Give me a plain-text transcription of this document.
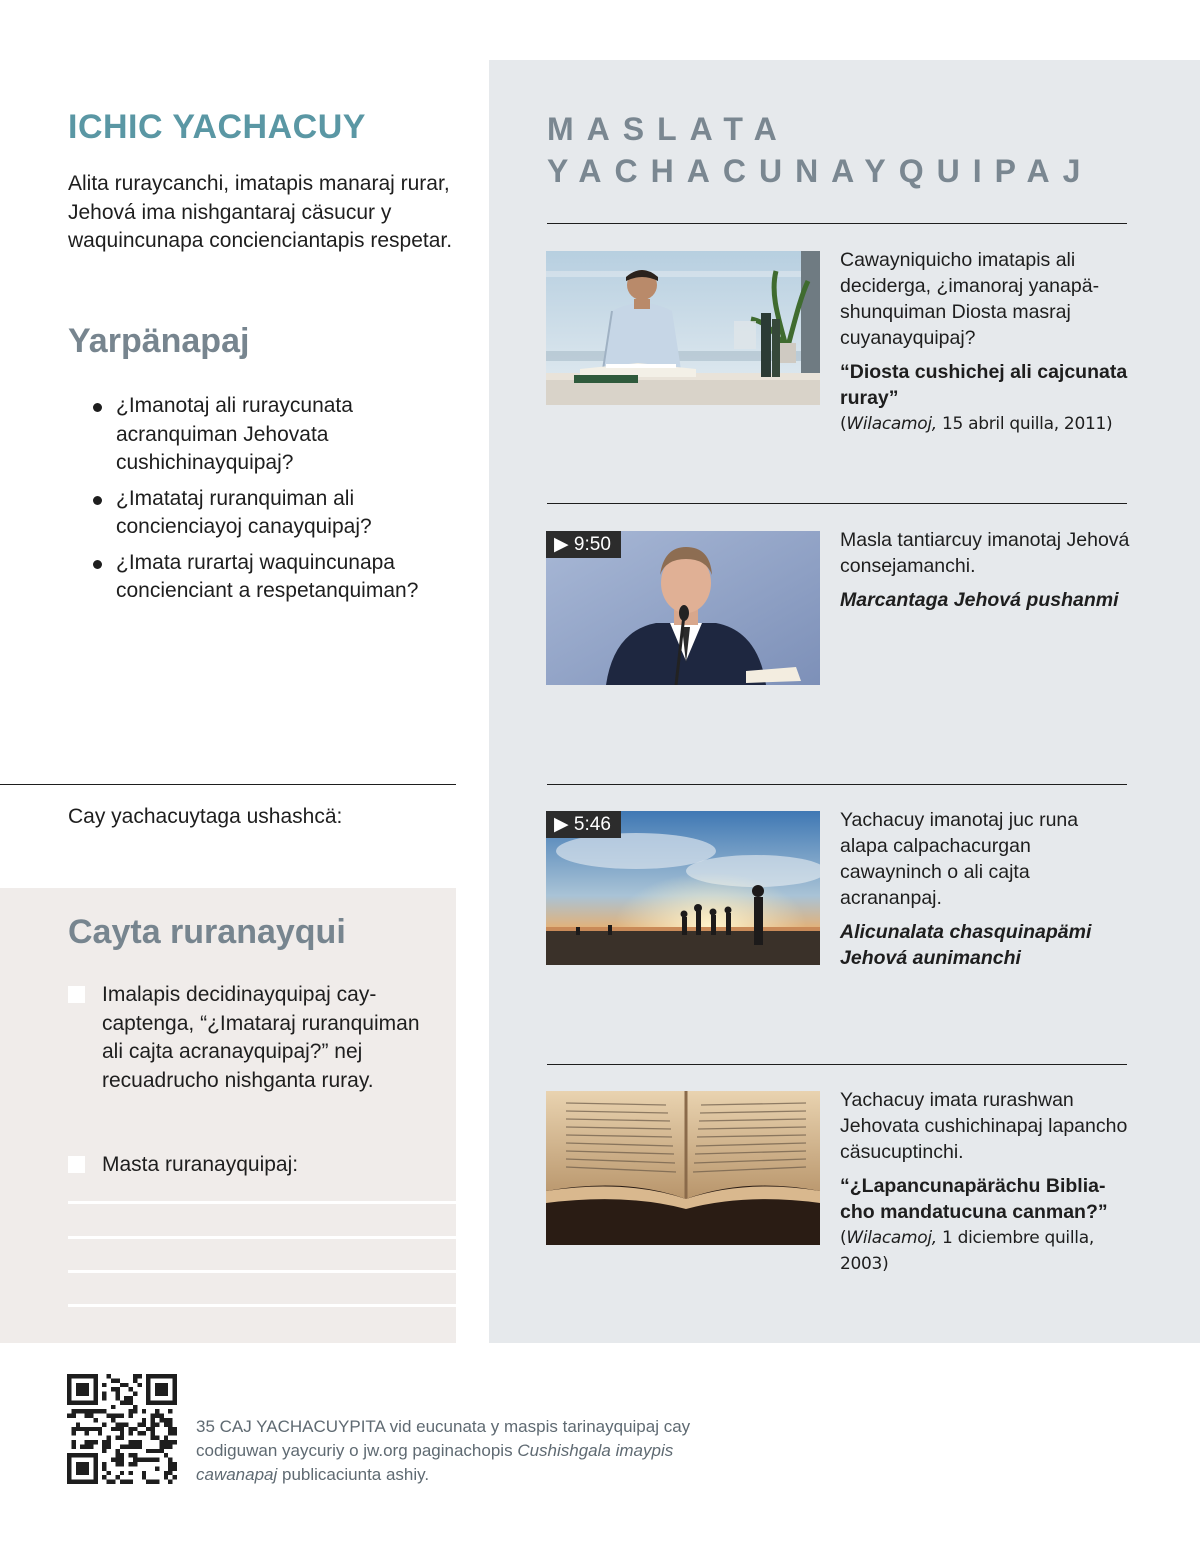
MASLATA
YACHACUNAYQUIPAJ

Cawayniquicho imatapis ali deciderga, ¿imanoraj yanapäshunquiman Diosta masraj cuyanayquipaj?

“Diosta cushichej ali cajcunata ruray”

(Wilacamoj, 15 abril quilla, 2011)

▶ 9:50	Masla tantiarcuy imanotaj Jehová consejamanchi.

Marcantaga Jehová pushanmi

▶ 5:46	Yachacuy imanotaj juc runa alapa calpachacurgan cawayninch o ali cajta acrananpaj.

Alicunalata chasquinapämi Jehová aunimanchi

Yachacuy imata rurashwan Jehovata cushichinapaj lapancho cäsucuptinchi.

“¿Lapancunapärächu Bibliacho mandatucuna canman?”

(Wilacamoj, 1 diciembre quilla, 2003)

ICHIC YACHACUY

Alita ruraycanchi, imatapis manaraj rurar, Jehová ima nishgantaraj cäsucur y waquincunapa concienciantapis respetar.

Yarpänapaj
¿Imanotaj ali ruraycunata acranquiman Jehovata cushichinayquipaj?
¿Imatataj ruranquiman ali concienciayoj canayquipaj?
¿Imata rurartaj waquincunapa concienciant a respetanquiman?

Cay yachacuytaga ushashcä:

Cayta ruranayqui
Imalapis decidinayquipaj caycaptenga, “¿Imataraj ruranquiman ali cajta acranayquipaj?” nej recuadrucho nishganta ruray.
Masta ruranayquipaj:

35 CAJ YACHACUYPITA vid eucunata y maspis tarinayquipaj cay codiguwan yaycuriy o jw.org paginachopis Cushishgala imaypis cawanapaj publicaciunta ashiy.
